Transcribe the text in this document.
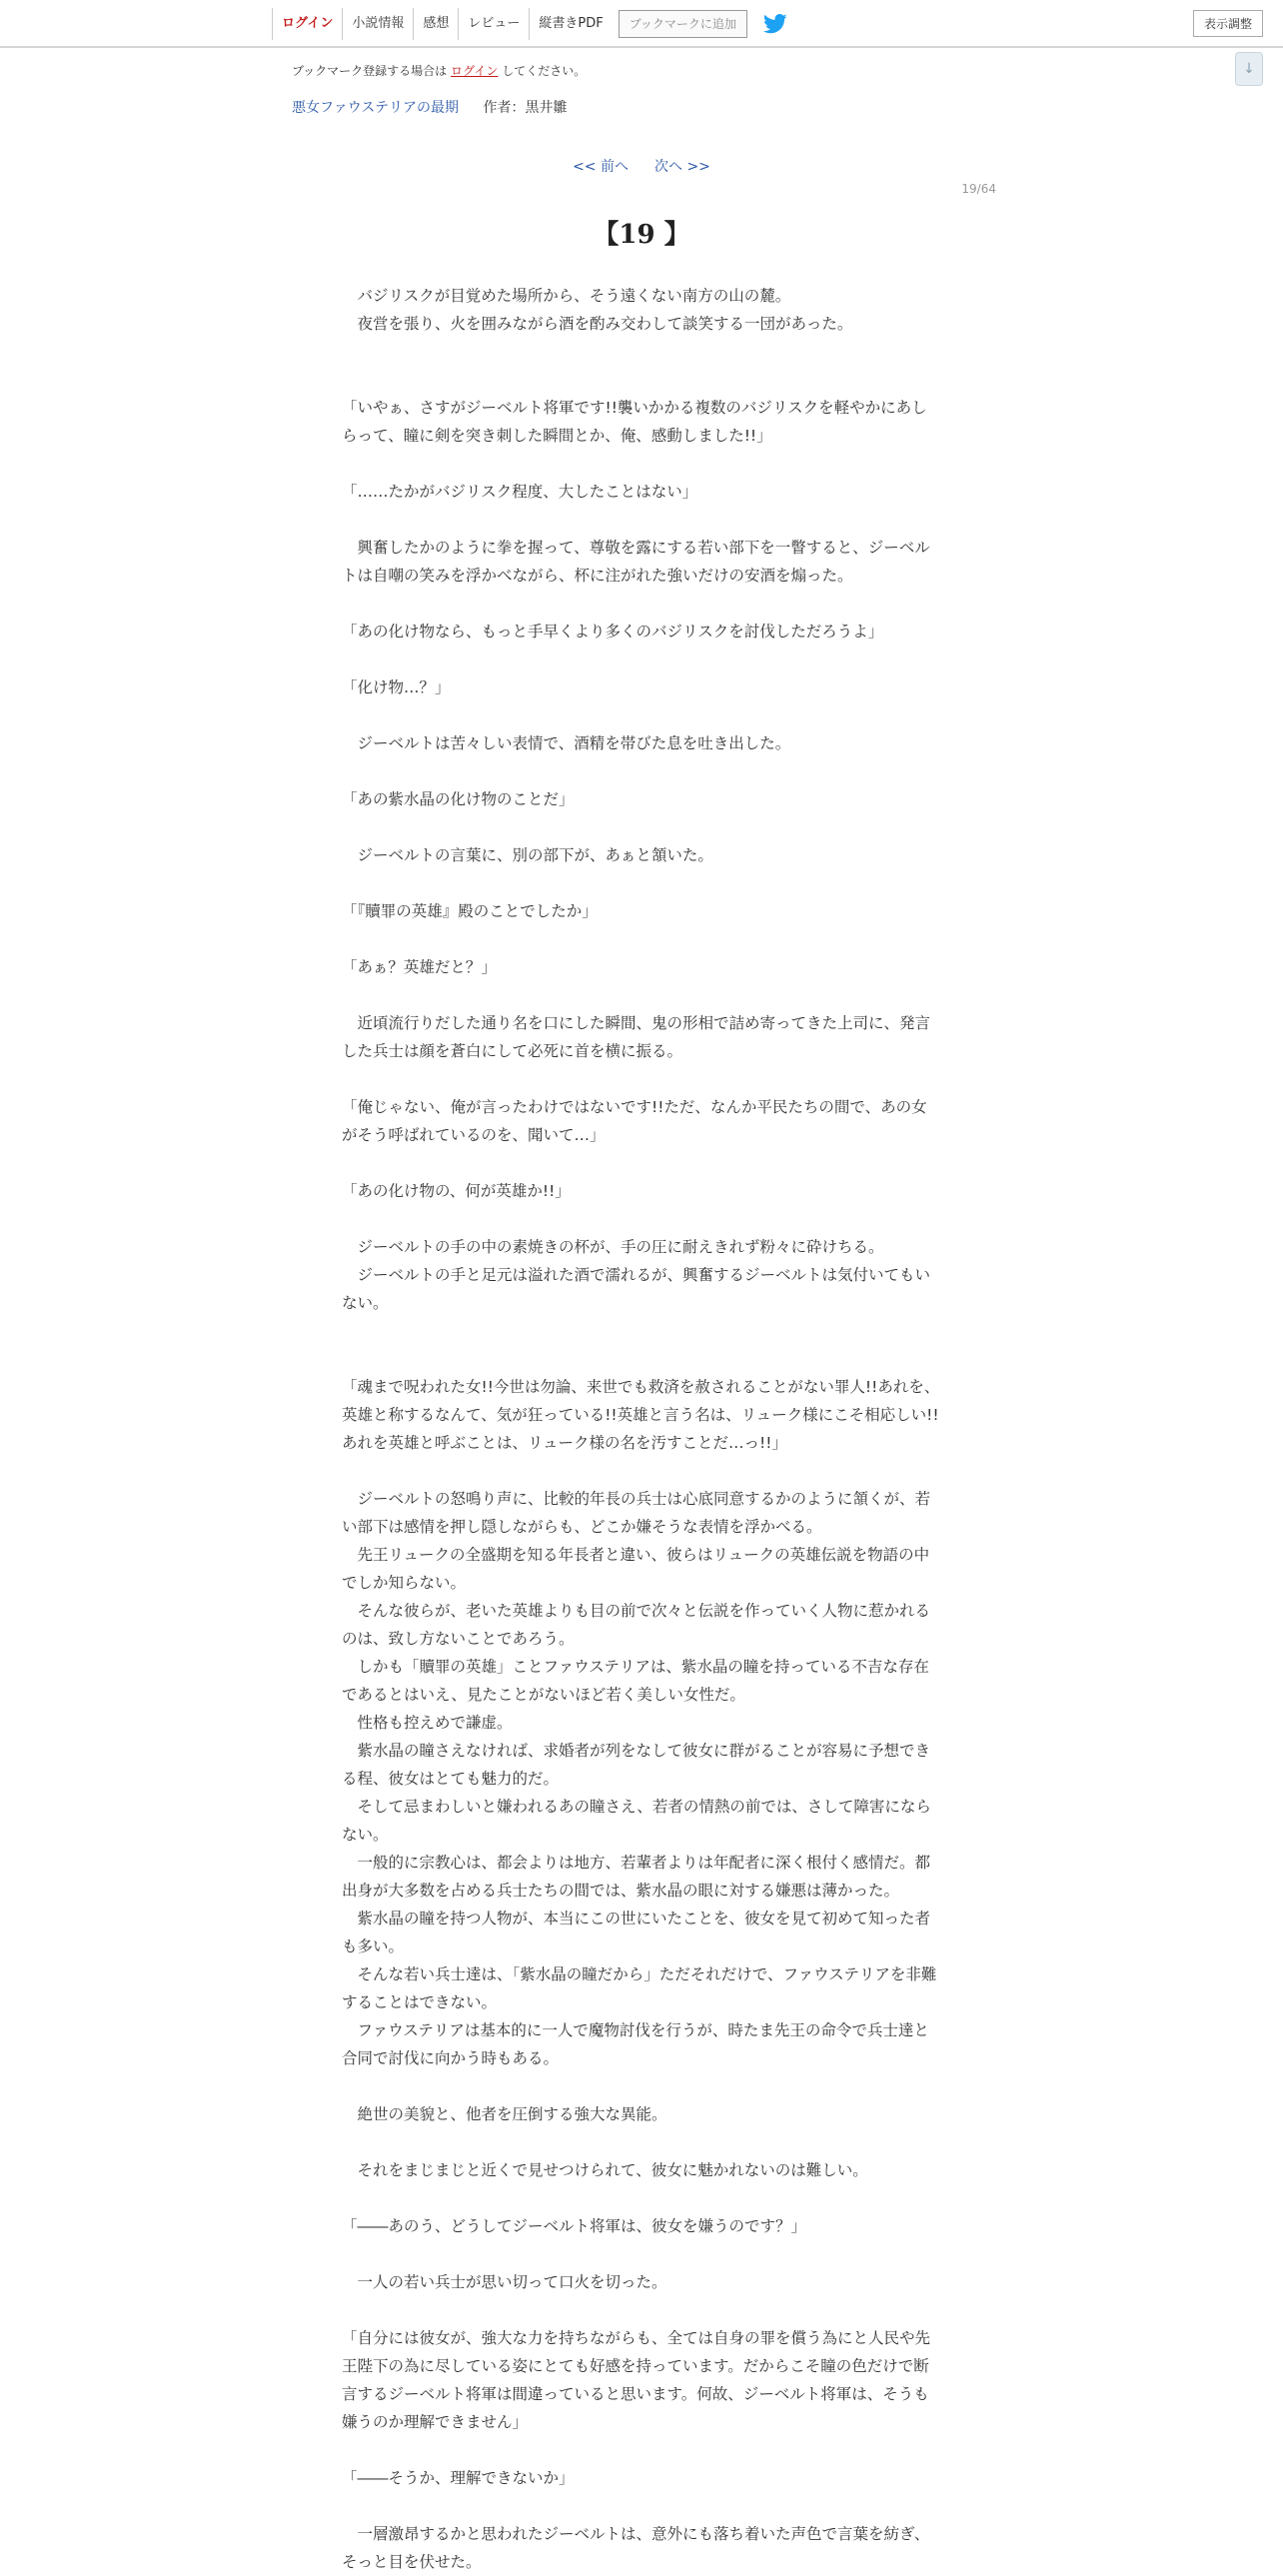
ログイン	小説情報	感想	レビュー	縦書きPDF	ブックマークに追加	表示調整
↓
ブックマーク登録する場合は ログイン してください。
悪女ファウステリアの最期 作者：黒井雛
<< 前へ 次へ >>
19/64
【19 】

　バジリスクが目覚めた場所から、そう遠くない南方の山の麓。

　夜営を張り、火を囲みながら酒を酌み交わして談笑する一団があった。

「いやぁ、さすがジーベルト将軍です!!襲いかかる複数のバジリスクを軽やかにあしらって、瞳に剣を突き刺した瞬間とか、俺、感動しました!!」

「……たかがバジリスク程度、大したことはない」

　興奮したかのように拳を握って、尊敬を露にする若い部下を一瞥すると、ジーベルトは自嘲の笑みを浮かべながら、杯に注がれた強いだけの安酒を煽った。

「あの化け物なら、もっと手早くより多くのバジリスクを討伐しただろうよ」

「化け物…？」

　ジーベルトは苦々しい表情で、酒精を帯びた息を吐き出した。

「あの紫水晶の化け物のことだ」

　ジーベルトの言葉に、別の部下が、あぁと頷いた。

「『贖罪の英雄』殿のことでしたか」

「あぁ？英雄だと？」

　近頃流行りだした通り名を口にした瞬間、鬼の形相で詰め寄ってきた上司に、発言した兵士は顔を蒼白にして必死に首を横に振る。

「俺じゃない、俺が言ったわけではないです!!ただ、なんか平民たちの間で、あの女がそう呼ばれているのを、聞いて…」

「あの化け物の、何が英雄か!!」

　ジーベルトの手の中の素焼きの杯が、手の圧に耐えきれず粉々に砕けちる。

　ジーベルトの手と足元は溢れた酒で濡れるが、興奮するジーベルトは気付いてもいない。

「魂まで呪われた女!!今世は勿論、来世でも救済を赦されることがない罪人!!あれを、英雄と称するなんて、気が狂っている!!英雄と言う名は、リューク様にこそ相応しい!!あれを英雄と呼ぶことは、リューク様の名を汚すことだ…っ!!」

　ジーベルトの怒鳴り声に、比較的年長の兵士は心底同意するかのように頷くが、若い部下は感情を押し隠しながらも、どこか嫌そうな表情を浮かべる。

　先王リュークの全盛期を知る年長者と違い、彼らはリュークの英雄伝説を物語の中でしか知らない。

　そんな彼らが、老いた英雄よりも目の前で次々と伝説を作っていく人物に惹かれるのは、致し方ないことであろう。

　しかも「贖罪の英雄」ことファウステリアは、紫水晶の瞳を持っている不吉な存在であるとはいえ、見たことがないほど若く美しい女性だ。

　性格も控えめで謙虚。

　紫水晶の瞳さえなければ、求婚者が列をなして彼女に群がることが容易に予想できる程、彼女はとても魅力的だ。

　そして忌まわしいと嫌われるあの瞳さえ、若者の情熱の前では、さして障害にならない。

　一般的に宗教心は、都会よりは地方、若輩者よりは年配者に深く根付く感情だ。都出身が大多数を占める兵士たちの間では、紫水晶の眼に対する嫌悪は薄かった。

　紫水晶の瞳を持つ人物が、本当にこの世にいたことを、彼女を見て初めて知った者も多い。

　そんな若い兵士達は、「紫水晶の瞳だから」ただそれだけで、ファウステリアを非難することはできない。

　ファウステリアは基本的に一人で魔物討伐を行うが、時たま先王の命令で兵士達と合同で討伐に向かう時もある。

　絶世の美貌と、他者を圧倒する強大な異能。

　それをまじまじと近くで見せつけられて、彼女に魅かれないのは難しい。

「――あのう、どうしてジーベルト将軍は、彼女を嫌うのです？」

　一人の若い兵士が思い切って口火を切った。

「自分には彼女が、強大な力を持ちながらも、全ては自身の罪を償う為にと人民や先王陛下の為に尽している姿にとても好感を持っています。だからこそ瞳の色だけで断言するジーベルト将軍は間違っていると思います。何故、ジーベルト将軍は、そうも嫌うのか理解できません」

「――そうか、理解できないか」

　一層激昂するかと思われたジーベルトは、意外にも落ち着いた声色で言葉を紡ぎ、そっと目を伏せた。
